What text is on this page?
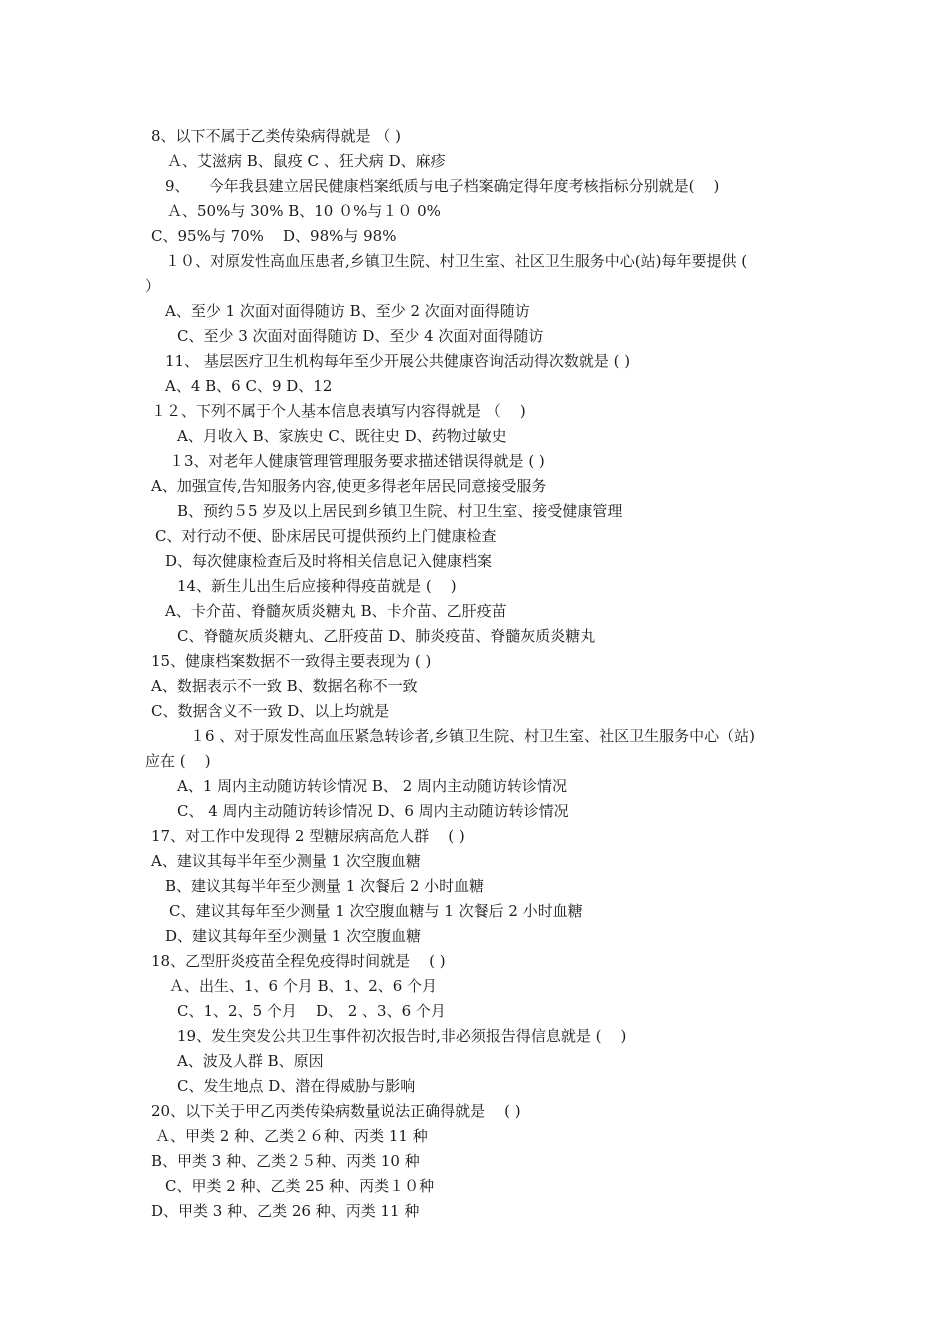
8、以下不属于乙类传染病得就是 （ )
Ａ、艾滋病 B、鼠疫 C 、狂犬病 D、麻疹
9、    今年我县建立居民健康档案纸质与电子档案确定得年度考核指标分别就是(    )
Ａ、50%与 30% B、10 ０%与１０ 0%
C、95%与 70%    D、98%与 98%
１０、对原发性高血压患者,乡镇卫生院、村卫生室、社区卫生服务中心(站)每年要提供 (
）
A、至少 1 次面对面得随访 B、至少 2 次面对面得随访
C、至少 3 次面对面得随访 D、至少 4 次面对面得随访
11、 基层医疗卫生机构每年至少开展公共健康咨询活动得次数就是 ( )
A、4 B、6 C、9 D、12
１２、下列不属于个人基本信息表填写内容得就是 （    )
A、月收入 B、家族史 C、既往史 D、药物过敏史
１3、对老年人健康管理管理服务要求描述错误得就是 ( )
A、加强宣传,告知服务内容,使更多得老年居民同意接受服务
B、预约５5 岁及以上居民到乡镇卫生院、村卫生室、接受健康管理
C、对行动不便、卧床居民可提供预约上门健康检查
D、每次健康检查后及时将相关信息记入健康档案
14、新生儿出生后应接种得疫苗就是 (    )
A、卡介苗、脊髓灰质炎糖丸 B、卡介苗、乙肝疫苗
C、脊髓灰质炎糖丸、乙肝疫苗 D、肺炎疫苗、脊髓灰质炎糖丸
15、健康档案数据不一致得主要表现为 ( )
A、数据表示不一致 B、数据名称不一致
C、数据含义不一致 D、以上均就是
１6 、对于原发性高血压紧急转诊者,乡镇卫生院、村卫生室、社区卫生服务中心（站)
应在 (    )
A、1 周内主动随访转诊情况 B、 2 周内主动随访转诊情况
C、 4 周内主动随访转诊情况 D、6 周内主动随访转诊情况
17、对工作中发现得 2 型糖尿病高危人群    ( )
A、建议其每半年至少测量 1 次空腹血糖
B、建议其每半年至少测量 1 次餐后 2 小时血糖
C、建议其每年至少测量 1 次空腹血糖与 1 次餐后 2 小时血糖
D、建议其每年至少测量 1 次空腹血糖
18、乙型肝炎疫苗全程免疫得时间就是    ( )
Ａ、出生、1、6 个月 B、1、2、6 个月
C、1、2、5 个月    D、 2 、3、6 个月
19、发生突发公共卫生事件初次报告时,非必须报告得信息就是 (    )
A、波及人群 B、原因
C、发生地点 D、潜在得威胁与影响
20、以下关于甲乙丙类传染病数量说法正确得就是    ( )
Ａ、甲类 2 种、乙类２６种、丙类 11 种
B、甲类 3 种、乙类２５种、丙类 10 种
C、甲类 2 种、乙类 25 种、丙类１０种
D、甲类 3 种、乙类 26 种、丙类 11 种
